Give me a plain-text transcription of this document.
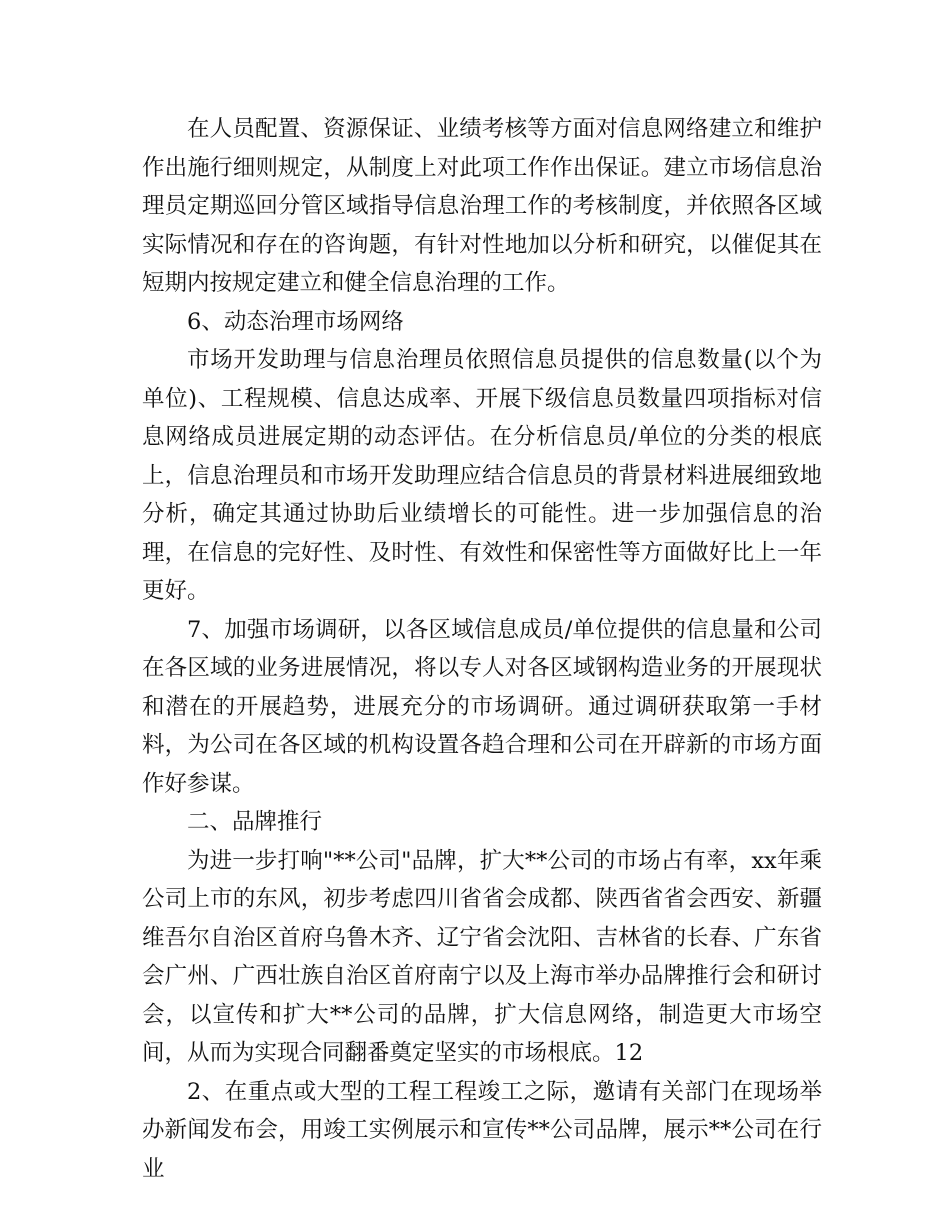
在人员配置、资源保证、业绩考核等方面对信息网络建立和维护作出施行细则规定，从制度上对此项工作作出保证。建立市场信息治理员定期巡回分管区域指导信息治理工作的考核制度，并依照各区域实际情况和存在的咨询题，有针对性地加以分析和研究，以催促其在短期内按规定建立和健全信息治理的工作。

6、动态治理市场网络

市场开发助理与信息治理员依照信息员提供的信息数量(以个为单位)、工程规模、信息达成率、开展下级信息员数量四项指标对信息网络成员进展定期的动态评估。在分析信息员/单位的分类的根底上，信息治理员和市场开发助理应结合信息员的背景材料进展细致地分析，确定其通过协助后业绩增长的可能性。进一步加强信息的治理，在信息的完好性、及时性、有效性和保密性等方面做好比上一年更好。

7、加强市场调研，以各区域信息成员/单位提供的信息量和公司在各区域的业务进展情况，将以专人对各区域钢构造业务的开展现状和潜在的开展趋势，进展充分的市场调研。通过调研获取第一手材料，为公司在各区域的机构设置各趋合理和公司在开辟新的市场方面作好参谋。

二、品牌推行

为进一步打响"**公司"品牌，扩大**公司的市场占有率，xx年乘公司上市的东风，初步考虑四川省省会成都、陕西省省会西安、新疆维吾尔自治区首府乌鲁木齐、辽宁省会沈阳、吉林省的长春、广东省会广州、广西壮族自治区首府南宁以及上海市举办品牌推行会和研讨会，以宣传和扩大**公司的品牌，扩大信息网络，制造更大市场空间，从而为实现合同翻番奠定坚实的市场根底。12

2、在重点或大型的工程工程竣工之际，邀请有关部门在现场举办新闻发布会，用竣工实例展示和宣传**公司品牌，展示**公司在行业
